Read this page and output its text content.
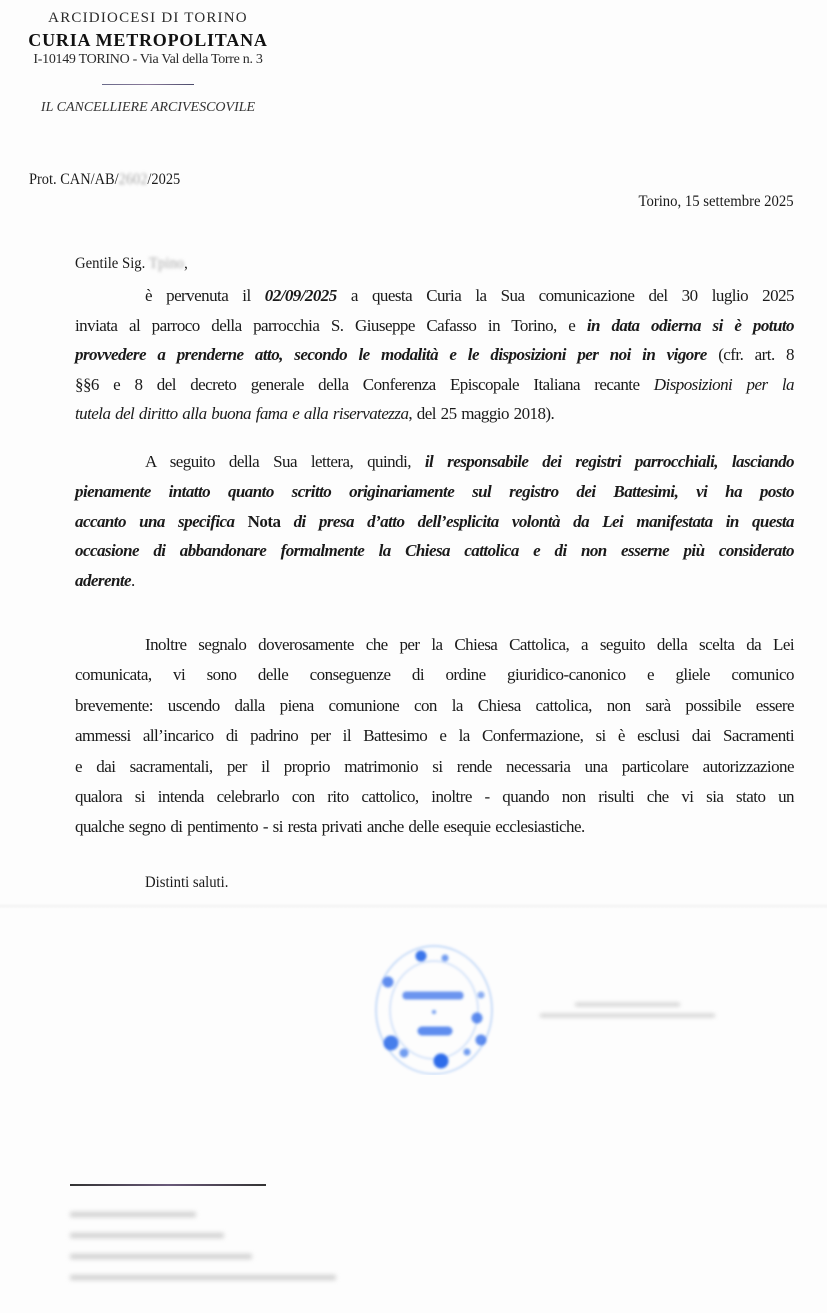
ARCIDIOCESI DI TORINO
CURIA METROPOLITANA
I-10149 TORINO - Via Val della Torre n. 3
IL CANCELLIERE ARCIVESCOVILE
Prot. CAN/AB/2602/2025
Torino, 15 settembre 2025
Gentile Sig. Tpino,
è pervenuta il 02/09/2025 a questa Curia la Sua comunicazione del 30 luglio 2025
inviata al parroco della parrocchia S. Giuseppe Cafasso in Torino, e in data odierna si è potuto
provvedere a prenderne atto, secondo le modalità e le disposizioni per noi in vigore (cfr. art. 8
§§6 e 8 del decreto generale della Conferenza Episcopale Italiana recante Disposizioni per la
tutela del diritto alla buona fama e alla riservatezza, del 25 maggio 2018).
A seguito della Sua lettera, quindi, il responsabile dei registri parrocchiali, lasciando
pienamente intatto quanto scritto originariamente sul registro dei Battesimi, vi ha posto
accanto una specifica Nota di presa d’atto dell’esplicita volontà da Lei manifestata in questa
occasione di abbandonare formalmente la Chiesa cattolica e di non esserne più considerato
aderente.
Inoltre segnalo doverosamente che per la Chiesa Cattolica, a seguito della scelta da Lei
comunicata, vi sono delle conseguenze di ordine giuridico-canonico e gliele comunico
brevemente: uscendo dalla piena comunione con la Chiesa cattolica, non sarà possibile essere
ammessi all’incarico di padrino per il Battesimo e la Confermazione, si è esclusi dai Sacramenti
e dai sacramentali, per il proprio matrimonio si rende necessaria una particolare autorizzazione
qualora si intenda celebrarlo con rito cattolico, inoltre - quando non risulti che vi sia stato un
qualche segno di pentimento - si resta privati anche delle esequie ecclesiastiche.
Distinti saluti.
